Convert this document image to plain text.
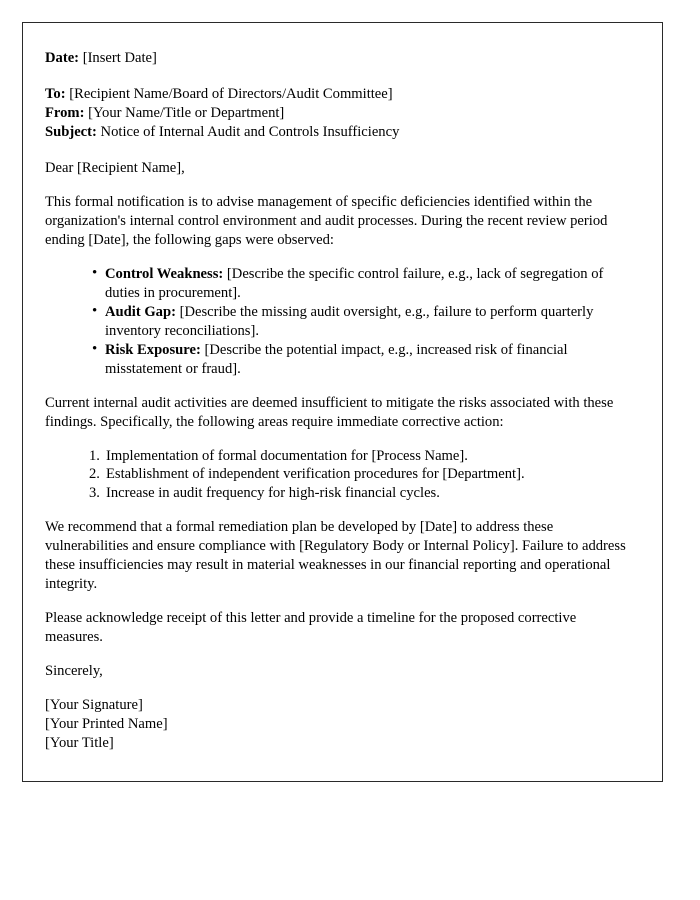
Date: [Insert Date]
To: [Recipient Name/Board of Directors/Audit Committee]
From: [Your Name/Title or Department]
Subject: Notice of Internal Audit and Controls Insufficiency

Dear [Recipient Name],

This formal notification is to advise management of specific deficiencies identified within the organization's internal control environment and audit processes. During the recent review period ending [Date], the following gaps were observed:

• Control Weakness: [Describe the specific control failure, e.g., lack of segregation of duties in procurement].
• Audit Gap: [Describe the missing audit oversight, e.g., failure to perform quarterly inventory reconciliations].
• Risk Exposure: [Describe the potential impact, e.g., increased risk of financial misstatement or fraud].

Current internal audit activities are deemed insufficient to mitigate the risks associated with these findings. Specifically, the following areas require immediate corrective action:

Implementation of formal documentation for [Process Name].
Establishment of independent verification procedures for [Department].
Increase in audit frequency for high-risk financial cycles.

We recommend that a formal remediation plan be developed by [Date] to address these vulnerabilities and ensure compliance with [Regulatory Body or Internal Policy]. Failure to address these insufficiencies may result in material weaknesses in our financial reporting and operational integrity.

Please acknowledge receipt of this letter and provide a timeline for the proposed corrective measures.

Sincerely,

[Your Signature]

[Your Printed Name]

[Your Title]
